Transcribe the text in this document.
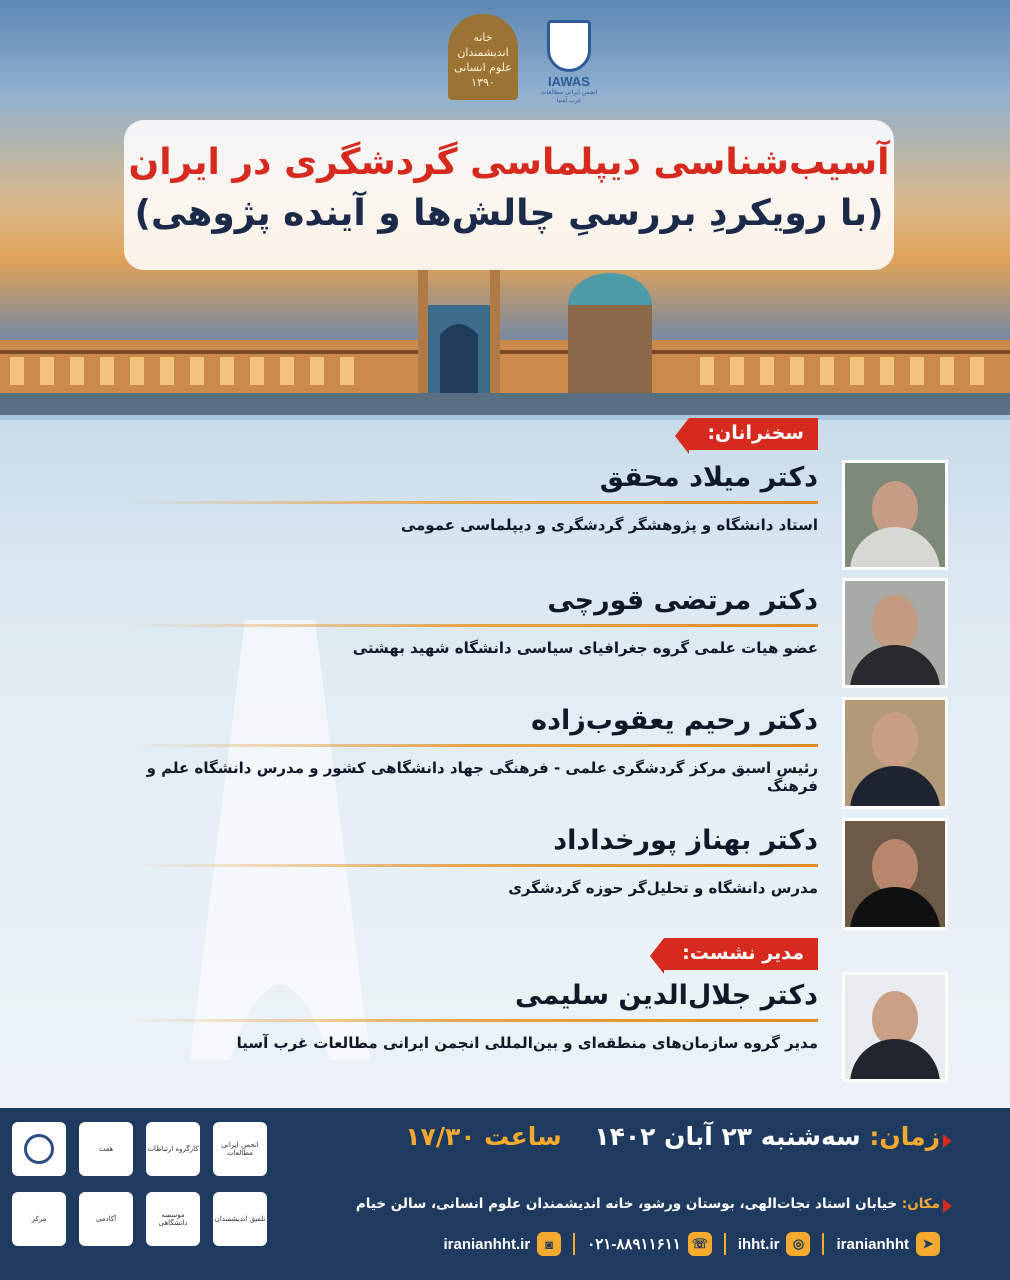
خانه اندیشمندان علوم انسانی ۱۳۹۰	IAWAS
انجمن ایرانی مطالعات غرب آسیا
آسیب‌شناسی دیپلماسی گردشگری در ایران
(با رویکردِ بررسیِ چالش‌ها و آینده پژوهی)
سخنرانان:
دکتر میلاد محقق
استاد دانشگاه و پژوهشگر گردشگری و دیپلماسی عمومی
دکتر مرتضی قورچی
عضو هیات علمی گروه جغرافیای سیاسی دانشگاه شهید بهشتی
دکتر رحیم یعقوب‌زاده
رئیس اسبق مرکز گردشگری علمی - فرهنگی جهاد دانشگاهی کشور و مدرس دانشگاه علم و فرهنگ
دکتر بهناز پورخداداد
مدرس دانشگاه و تحلیل‌گر حوزه گردشگری
مدیر نشست:
دکتر جلال‌الدین سلیمی
مدیر گروه سازمان‌های منطقه‌ای و بین‌المللی انجمن ایرانی مطالعات غرب آسیا
هفت	کارگروه ارتباطات	انجمن ایرانی مطالعات
مرکز	آکادمی	موسسه دانشگاهی	تلفیق اندیشمندان
زمان: سه‌شنبه ۲۳ آبان ۱۴۰۲ ساعت ۱۷/۳۰
مکان: خیابان استاد نجات‌الهی، بوستان ورشو، خانه اندیشمندان علوم انسانی، سالن خیام
➤
iranianhht
◎
ihht.ir
☏
۰۲۱-۸۸۹۱۱۶۱۱
◙
iranianhht.ir
